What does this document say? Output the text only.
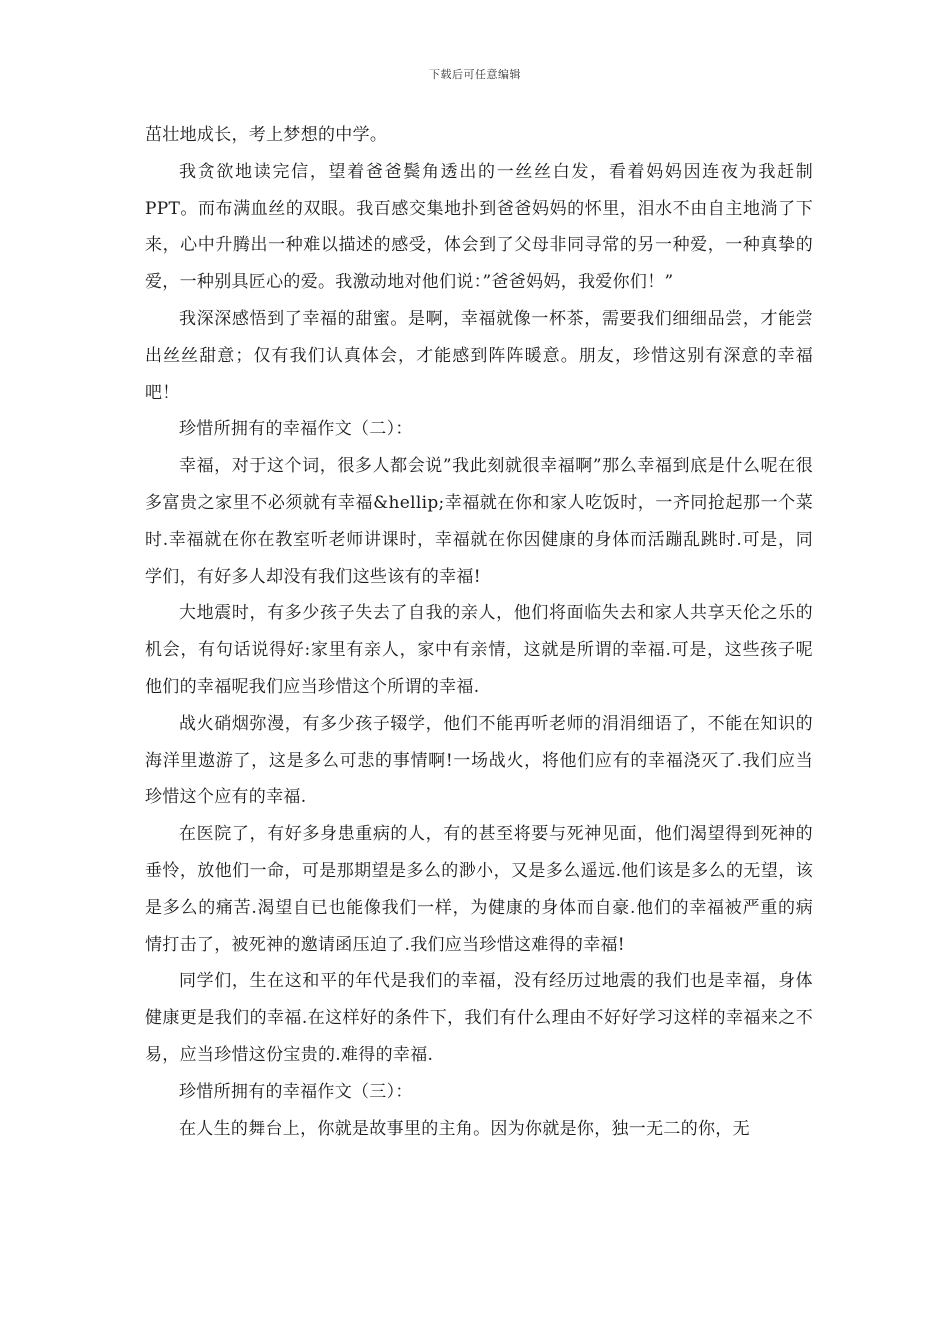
下载后可任意编辑

茁壮地成长，考上梦想的中学。

我贪欲地读完信，望着爸爸鬓角透出的一丝丝白发，看着妈妈因连夜为我赶制PPT。而布满血丝的双眼。我百感交集地扑到爸爸妈妈的怀里，泪水不由自主地淌了下来，心中升腾出一种难以描述的感受，体会到了父母非同寻常的另一种爱，一种真挚的爱，一种别具匠心的爱。我激动地对他们说：”爸爸妈妈，我爱你们！”

我深深感悟到了幸福的甜蜜。是啊，幸福就像一杯茶，需要我们细细品尝，才能尝出丝丝甜意；仅有我们认真体会，才能感到阵阵暖意。朋友，珍惜这别有深意的幸福吧！

珍惜所拥有的幸福作文（二）：

幸福，对于这个词，很多人都会说”我此刻就很幸福啊”那么幸福到底是什么呢在很多富贵之家里不必须就有幸福&hellip;幸福就在你和家人吃饭时，一齐同抢起那一个菜时.幸福就在你在教室听老师讲课时，幸福就在你因健康的身体而活蹦乱跳时.可是，同学们，有好多人却没有我们这些该有的幸福!

大地震时，有多少孩子失去了自我的亲人，他们将面临失去和家人共享天伦之乐的机会，有句话说得好:家里有亲人，家中有亲情，这就是所谓的幸福.可是，这些孩子呢他们的幸福呢我们应当珍惜这个所谓的幸福.

战火硝烟弥漫，有多少孩子辍学，他们不能再听老师的涓涓细语了，不能在知识的海洋里遨游了，这是多么可悲的事情啊!一场战火，将他们应有的幸福浇灭了.我们应当珍惜这个应有的幸福.

在医院了，有好多身患重病的人，有的甚至将要与死神见面，他们渴望得到死神的垂怜，放他们一命，可是那期望是多么的渺小，又是多么遥远.他们该是多么的无望，该是多么的痛苦.渴望自已也能像我们一样，为健康的身体而自豪.他们的幸福被严重的病情打击了，被死神的邀请函压迫了.我们应当珍惜这难得的幸福!

同学们，生在这和平的年代是我们的幸福，没有经历过地震的我们也是幸福，身体健康更是我们的幸福.在这样好的条件下，我们有什么理由不好好学习这样的幸福来之不易，应当珍惜这份宝贵的.难得的幸福.

珍惜所拥有的幸福作文（三）：

在人生的舞台上，你就是故事里的主角。因为你就是你，独一无二的你，无
